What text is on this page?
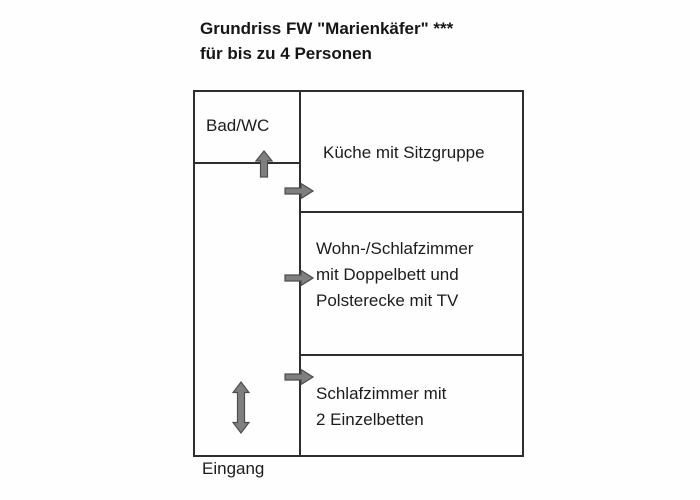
Grundriss FW "Marienkäfer" ***
für bis zu 4 Personen
Bad/WC
Küche mit Sitzgruppe
Wohn-/Schlafzimmer
mit Doppelbett und
Polsterecke mit TV
Schlafzimmer mit
2 Einzelbetten
Eingang
